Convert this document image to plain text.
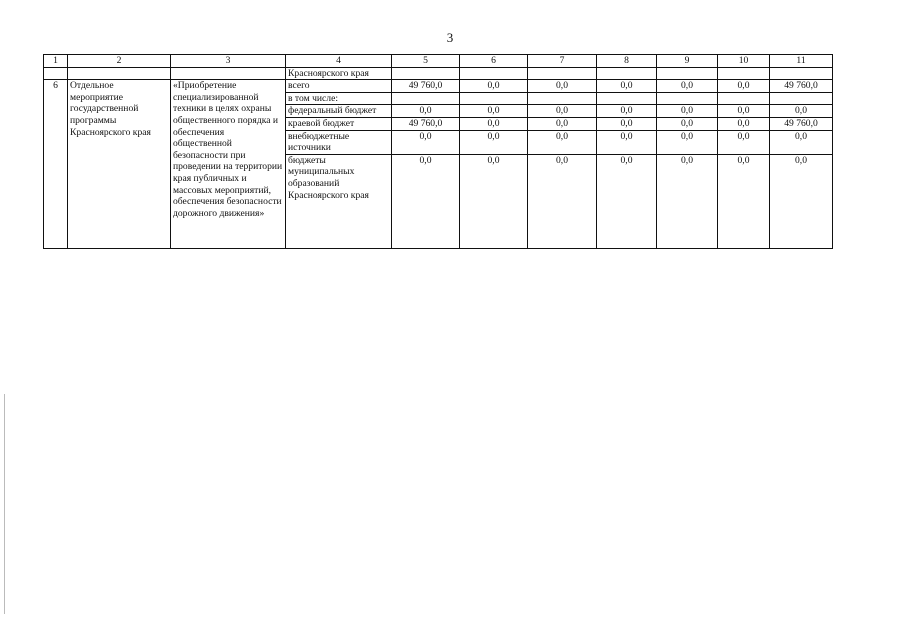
3
1	2	3	4	5	6	7	8	9	10	11
			Красноярского края							
6	Отдельное мероприятие государственной программы Красноярского края	«Приобретение специализированной техники в целях охраны общественного порядка и обеспечения общественной безопасности при проведении на территории края публичных и массовых мероприятий, обеспечения безопасности дорожного движения»	всего	49 760,0	0,0	0,0	0,0	0,0	0,0	49 760,0
			в том числе:							
			федеральный бюджет	0,0	0,0	0,0	0,0	0,0	0,0	0,0
			краевой бюджет	49 760,0	0,0	0,0	0,0	0,0	0,0	49 760,0
			внебюджетные источники	0,0	0,0	0,0	0,0	0,0	0,0	0,0
			бюджеты муниципальных образований Красноярского края	0,0	0,0	0,0	0,0	0,0	0,0	0,0
